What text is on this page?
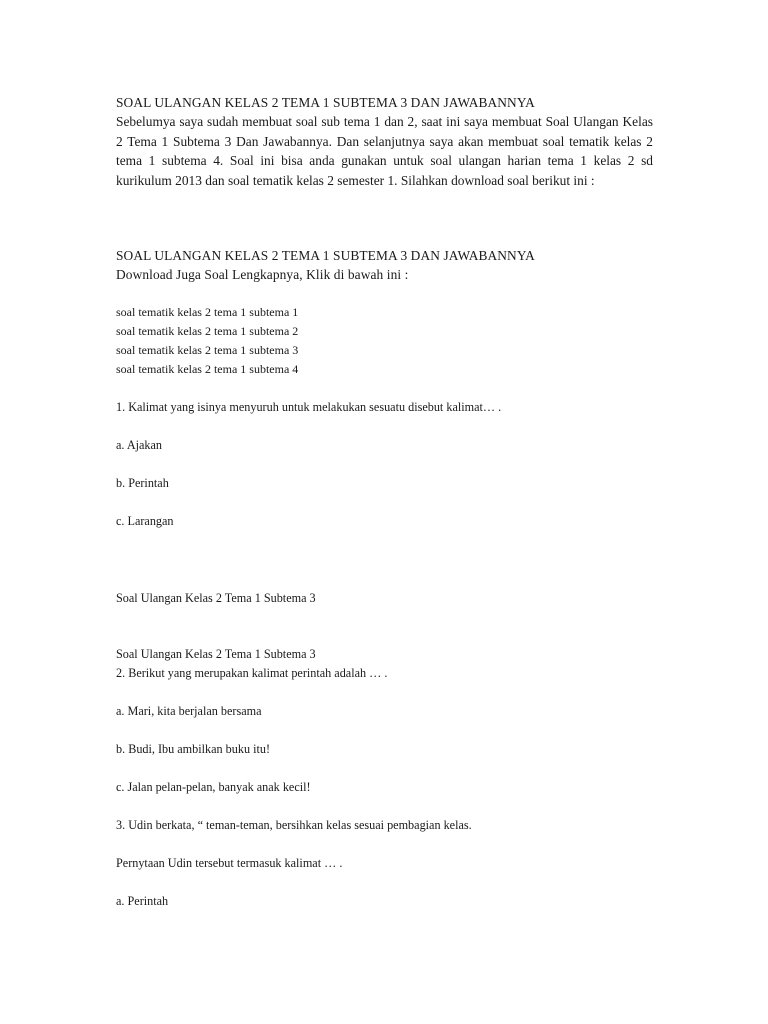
SOAL ULANGAN KELAS 2 TEMA 1 SUBTEMA 3 DAN JAWABANNYA

Sebelumya saya sudah membuat soal sub tema 1 dan 2, saat ini saya membuat Soal Ulangan Kelas 2 Tema 1 Subtema 3 Dan Jawabannya. Dan selanjutnya saya akan membuat soal tematik kelas 2 tema 1 subtema 4. Soal ini bisa anda gunakan untuk soal ulangan harian tema 1 kelas 2 sd kurikulum 2013 dan soal tematik kelas 2 semester 1. Silahkan download soal berikut ini :

SOAL ULANGAN KELAS 2 TEMA 1 SUBTEMA 3 DAN JAWABANNYA
Download Juga Soal Lengkapnya, Klik di bawah ini :
soal tematik kelas 2 tema 1 subtema 1
soal tematik kelas 2 tema 1 subtema 2
soal tematik kelas 2 tema 1 subtema 3
soal tematik kelas 2 tema 1 subtema 4
1. Kalimat yang isinya menyuruh untuk melakukan sesuatu disebut kalimat… .
a. Ajakan
b. Perintah
c. Larangan
Soal Ulangan Kelas 2 Tema 1 Subtema 3
Soal Ulangan Kelas 2 Tema 1 Subtema 3
2. Berikut yang merupakan kalimat perintah adalah … .
a. Mari, kita berjalan bersama
b. Budi, Ibu ambilkan buku itu!
c. Jalan pelan-pelan, banyak anak kecil!
3. Udin berkata, “ teman-teman, bersihkan kelas sesuai pembagian kelas.
Pernytaan Udin tersebut termasuk kalimat … .
a. Perintah
